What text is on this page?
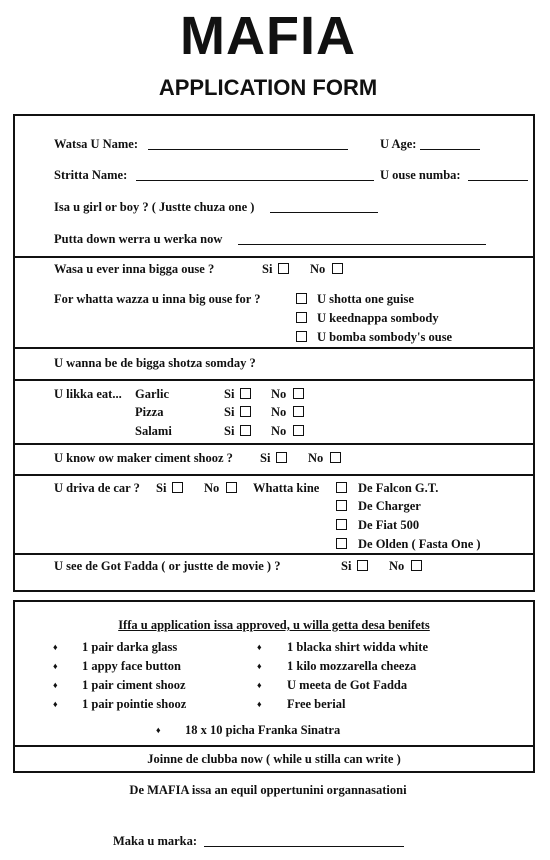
MAFIA
APPLICATION FORM
Watsa U Name:	U Age:
Stritta Name:	U ouse numba:
Isa u girl or boy ? ( Justte chuza one )
Putta down werra u werka now
Wasa u ever inna bigga ouse ?	Si	No
For whatta wazza u inna big ouse for ?	U shotta one guise
U keednappa sombody
U bomba sombody's ouse
U wanna be de bigga shotza somday ?
U likka eat... Garlic	Si	No
Pizza	Si	No
Salami	Si	No
U know ow maker ciment shooz ? Si	No
U driva de car ? Si	No	Whatta kine	De Falcon G.T.
De Charger
De Fiat 500
De Olden ( Fasta One )
U see de Got Fadda ( or justte de movie ) ?	Si	No
Iffa u application issa approved, u willa getta desa benifets
♦ 1 pair darka glass
♦ 1 appy face button
♦ 1 pair ciment shooz
♦ 1 pair pointie shooz
♦ 1 blacka shirt widda white
♦ 1 kilo mozzarella cheeza
♦ U meeta de Got Fadda
♦ Free berial
♦ 18 x 10 picha Franka Sinatra
Joinne de clubba now ( while u stilla can write )
De MAFIA issa an equil oppertunini organnasationi
Maka u marka:
